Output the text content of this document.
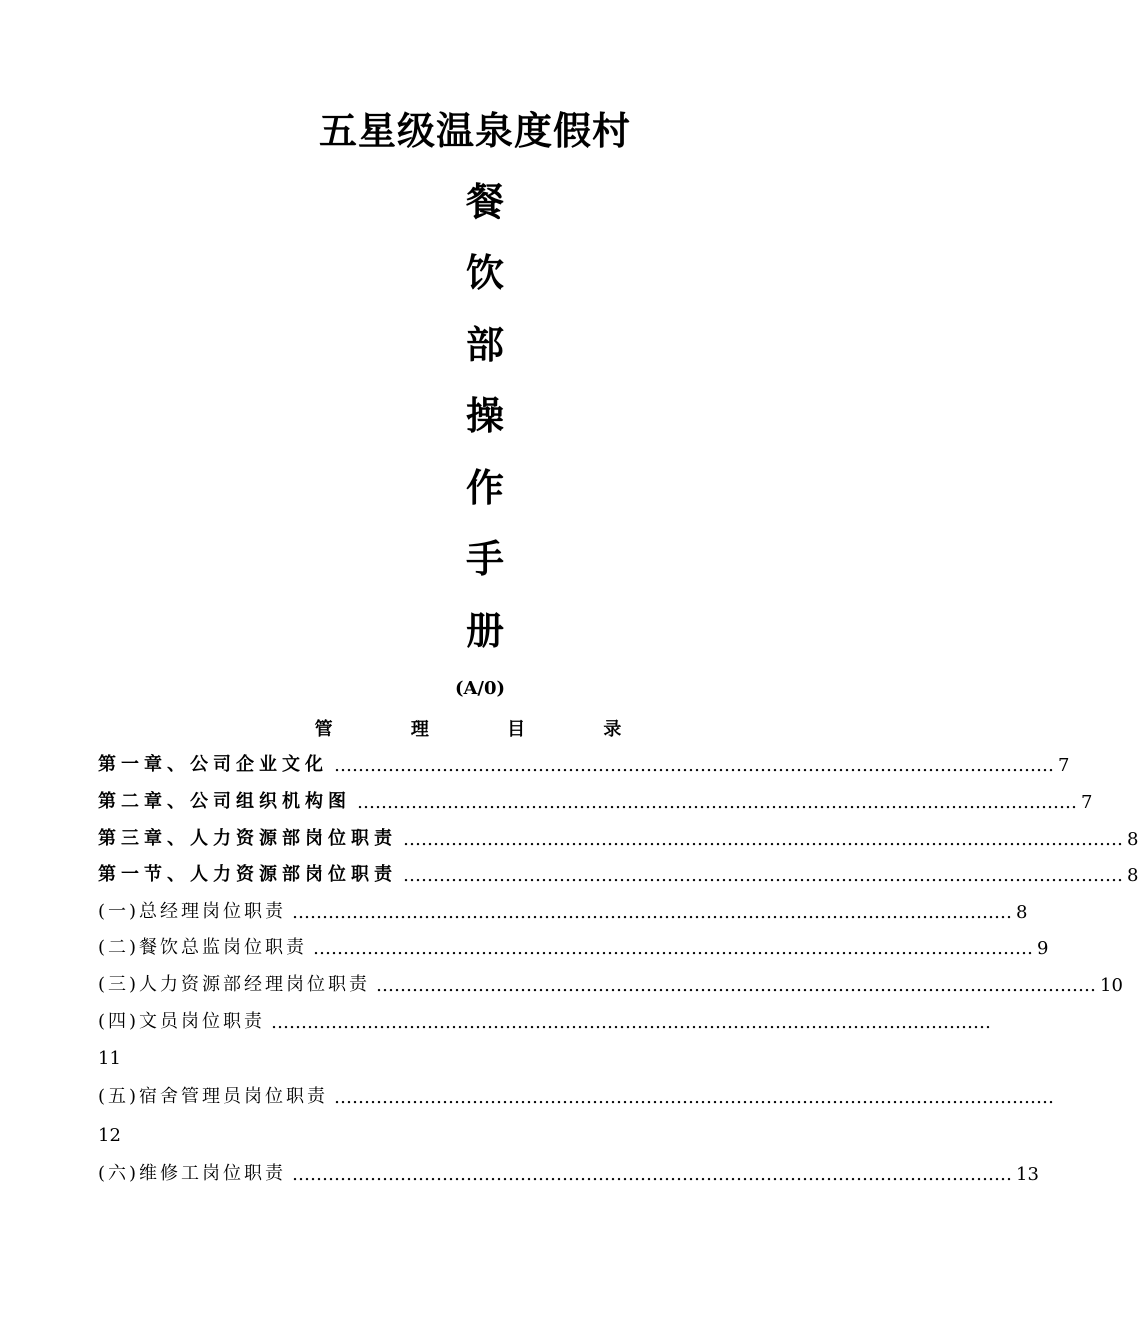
五星级温泉度假村
餐
饮
部
操
作
手
册
(A/0)
管 理 目 录
第一章、公司企业文化 ………………………………………………………………………………………………………… 7
第二章、公司组织机构图 ………………………………………………………………………………………………………… 7
第三章、人力资源部岗位职责 ………………………………………………………………………………………………………… 8
第一节、人力资源部岗位职责 ………………………………………………………………………………………………………… 8
(一)总经理岗位职责 ………………………………………………………………………………………………………… 8
(二)餐饮总监岗位职责 ………………………………………………………………………………………………………… 9
(三)人力资源部经理岗位职责 ………………………………………………………………………………………………………… 10
(四)文员岗位职责 …………………………………………………………………………………………………………
11
(五)宿舍管理员岗位职责 …………………………………………………………………………………………………………
12
(六)维修工岗位职责 ………………………………………………………………………………………………………… 13
